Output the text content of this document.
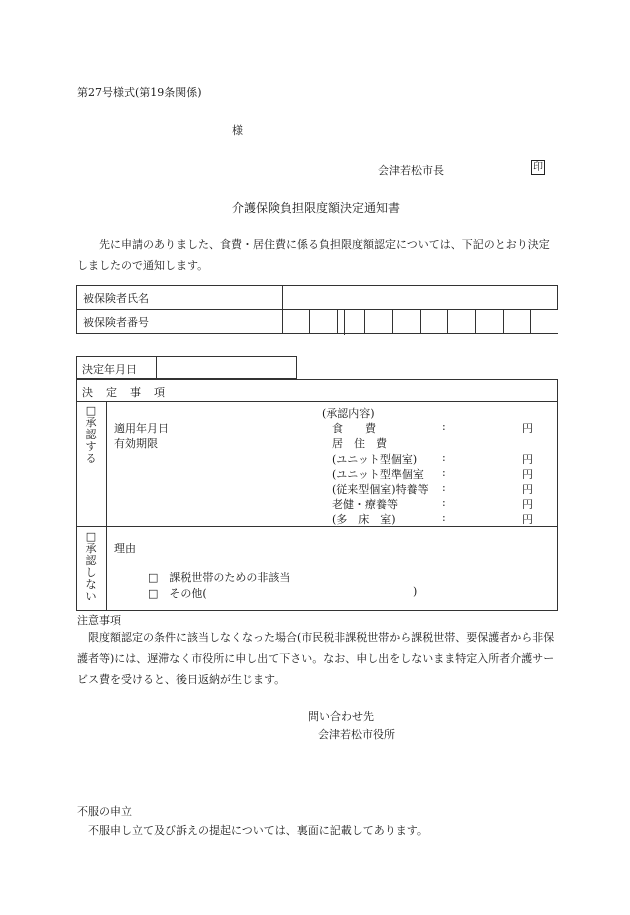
第27号様式(第19条関係)
様
会津若松市長	印
介護保険負担限度額決定通知書
先に申請のありました、食費・居住費に係る負担限度額認定については、下記のとおり決定しましたので通知します。
被保険者氏名										
被保険者番号										
決定年月日
決　定　事　項
□承認する
適用年月日
有効期限
(承認内容)
食　　費	:	円
居　住　費
(ユニット型個室) :	円
(ユニット型準個室 :	円
(従来型個室)特養等 :	円
老健・療養等	:	円
(多　床　室)	:	円
□承認しない
理由
□　課税世帯のための非該当
□　その他(	)
注意事項
限度額認定の条件に該当しなくなった場合(市民税非課税世帯から課税世帯、要保護者から非保護者等)には、遅滞なく市役所に申し出て下さい。なお、申し出をしないまま特定入所者介護サービス費を受けると、後日返納が生じます。
問い合わせ先
会津若松市役所
不服の申立
不服申し立て及び訴えの提起については、裏面に記載してあります。
